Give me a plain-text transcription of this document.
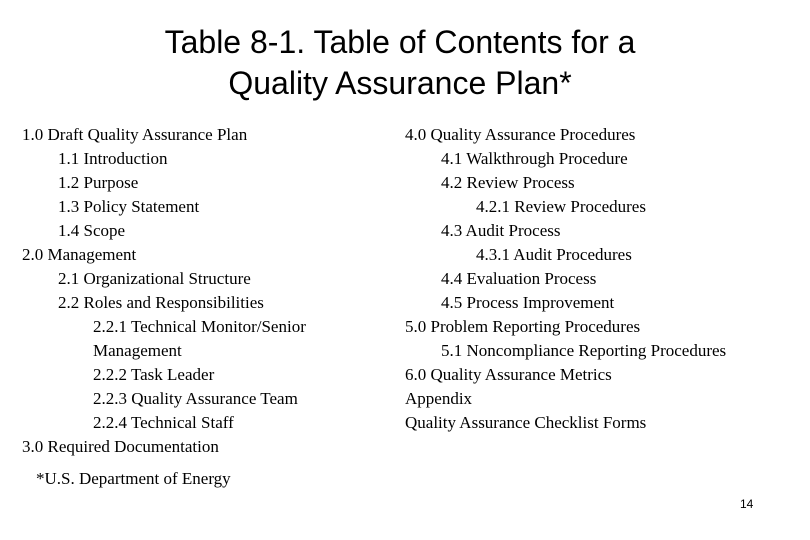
Table 8-1. Table of Contents for a
Quality Assurance Plan*
1.0 Draft Quality Assurance Plan
1.1 Introduction
1.2 Purpose
1.3 Policy Statement
1.4 Scope
2.0 Management
2.1 Organizational Structure
2.2 Roles and Responsibilities
2.2.1 Technical Monitor/Senior
Management
2.2.2 Task Leader
2.2.3 Quality Assurance Team
2.2.4 Technical Staff
3.0 Required Documentation
4.0 Quality Assurance Procedures
4.1 Walkthrough Procedure
4.2 Review Process
4.2.1 Review Procedures
4.3 Audit Process
4.3.1 Audit Procedures
4.4 Evaluation Process
4.5 Process Improvement
5.0 Problem Reporting Procedures
5.1 Noncompliance Reporting Procedures
6.0 Quality Assurance Metrics
Appendix
Quality Assurance Checklist Forms
*U.S. Department of Energy
14
